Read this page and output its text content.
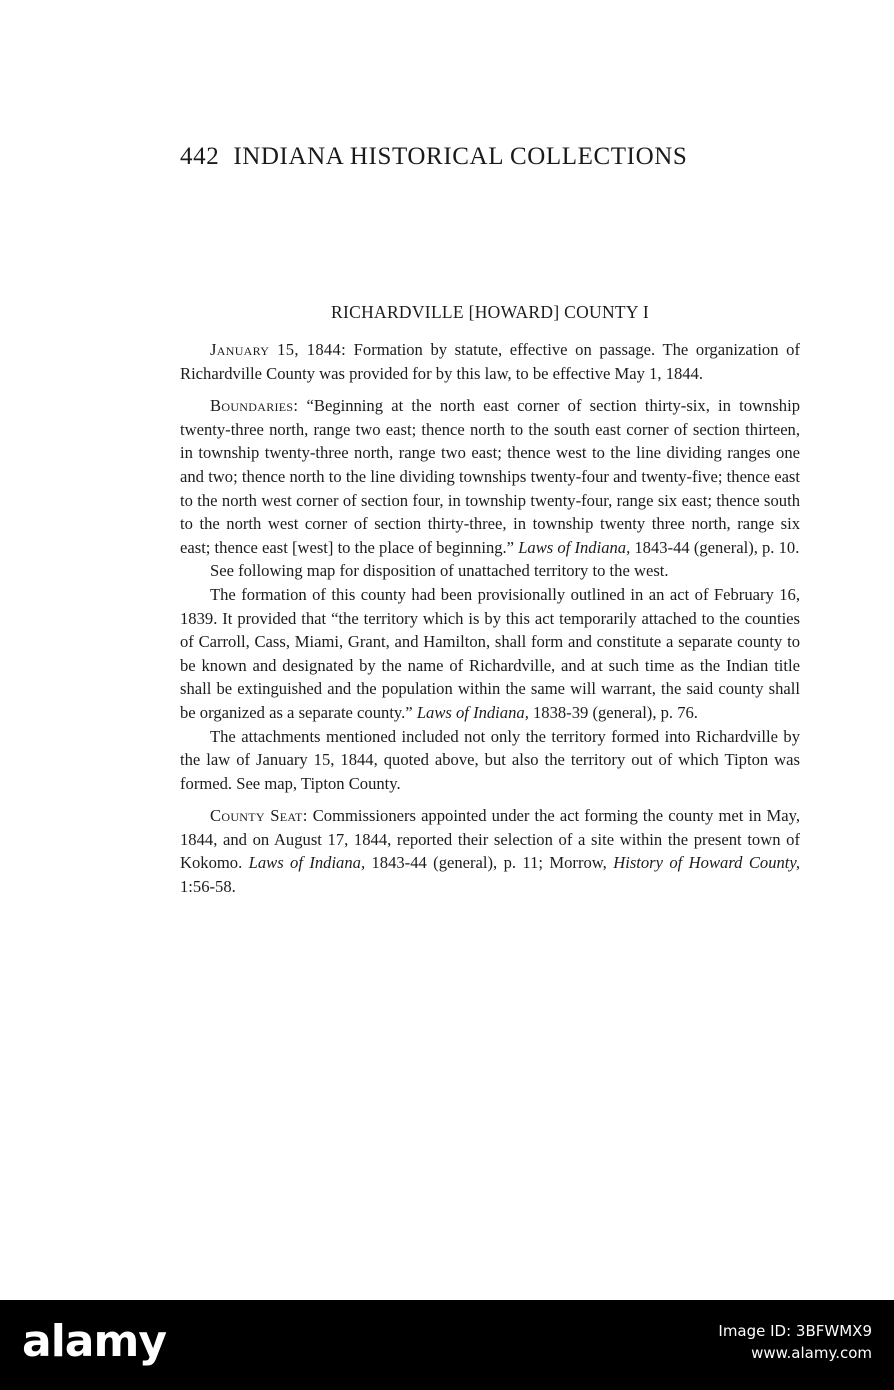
442 INDIANA HISTORICAL COLLECTIONS
RICHARDVILLE [HOWARD] COUNTY I

January 15, 1844: Formation by statute, effective on passage. The organization of Richardville County was provided for by this law, to be effective May 1, 1844.

Boundaries: “Beginning at the north east corner of section thirty-six, in township twenty-three north, range two east; thence north to the south east corner of section thirteen, in township twenty-three north, range two east; thence west to the line dividing ranges one and two; thence north to the line dividing townships twenty-four and twenty-five; thence east to the north west corner of section four, in township twenty-four, range six east; thence south to the north west corner of section thirty-three, in township twenty three north, range six east; thence east [west] to the place of beginning.” Laws of Indiana, 1843-44 (general), p. 10.

See following map for disposition of unattached territory to the west.

The formation of this county had been provisionally outlined in an act of February 16, 1839. It provided that “the territory which is by this act temporarily attached to the counties of Carroll, Cass, Miami, Grant, and Hamilton, shall form and constitute a separate county to be known and designated by the name of Richardville, and at such time as the Indian title shall be extinguished and the population within the same will warrant, the said county shall be organized as a separate county.” Laws of Indiana, 1838-39 (general), p. 76.

The attachments mentioned included not only the territory formed into Richardville by the law of January 15, 1844, quoted above, but also the territory out of which Tipton was formed. See map, Tipton County.

County Seat: Commissioners appointed under the act forming the county met in May, 1844, and on August 17, 1844, reported their selection of a site within the present town of Kokomo. Laws of Indiana, 1843-44 (general), p. 11; Morrow, History of Howard County, 1:56-58.

alamy	Image ID: 3BFWMX9
www.alamy.com
